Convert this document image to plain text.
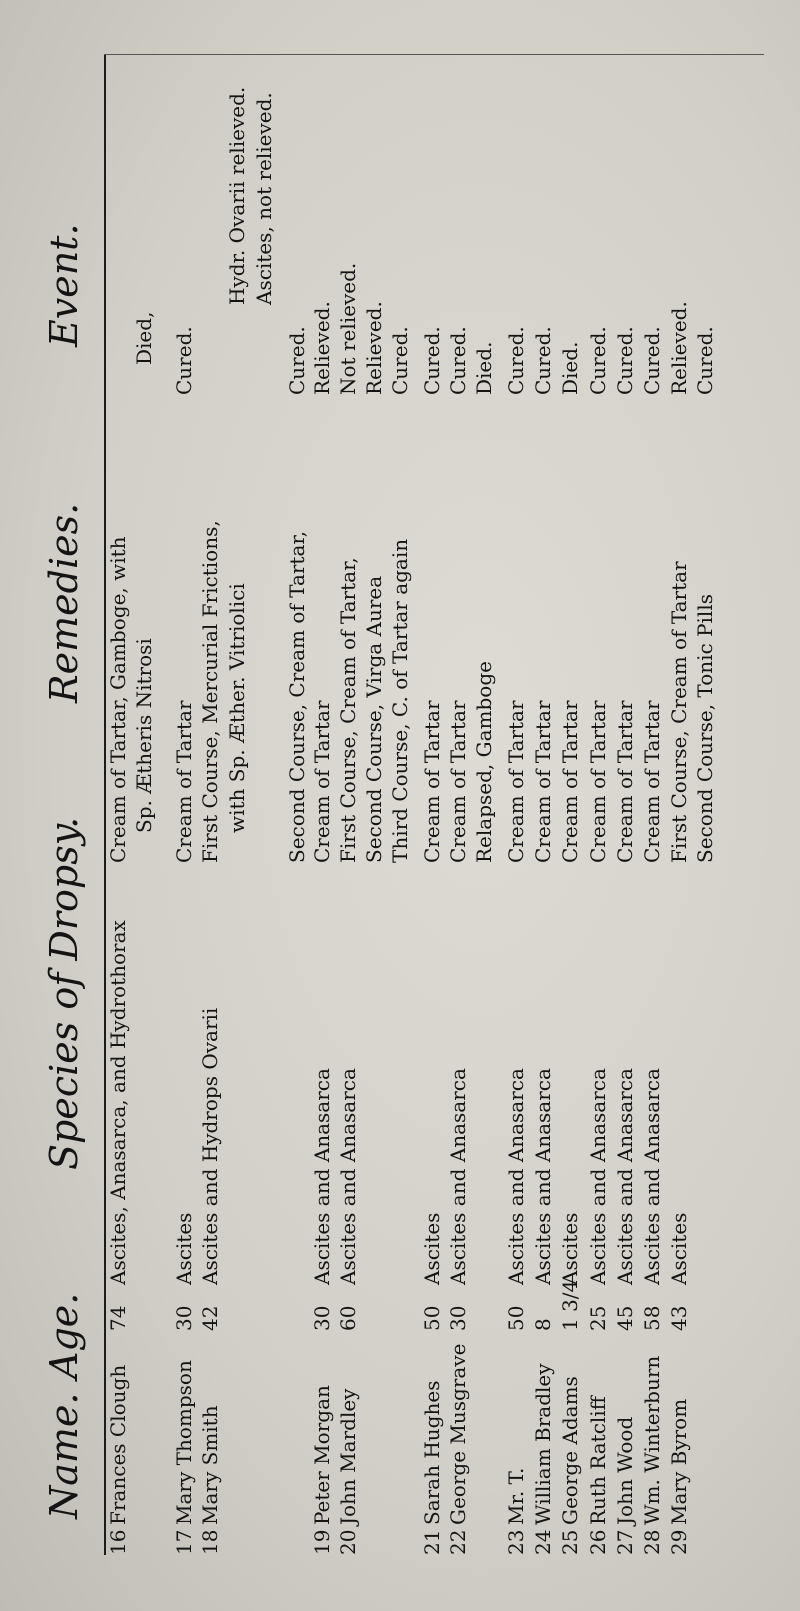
Name.
Age.
Species of Dropsy.
Remedies.
Event.
16
Frances Clough
74
Ascites, Anasarca, and Hydrothorax
Cream of Tartar, Gamboge, with Sp. Ætheris Nitrosi
Died,
17
Mary Thompson
30
Ascites
Cream of Tartar
Cured.
18
Mary Smith
42
Ascites and Hydrops Ovarii
First Course, Mercurial Frictions, with Sp. Æther. Vitriolici
Hydr. Ovarii relieved. Ascites, not relieved.
Second Course, Cream of Tartar,
Cured.
19
Peter Morgan
30
Ascites and Anasarca
Cream of Tartar
Relieved.
20
John Mardley
60
Ascites and Anasarca
First Course, Cream of Tartar,
Not relieved.
Second Course, Virga Aurea
Relieved.
Third Course, C. of Tartar again
Cured.
21
Sarah Hughes
50
Ascites
Cream of Tartar
Cured.
22
George Musgrave
30
Ascites and Anasarca
Cream of Tartar
Cured.
Relapsed, Gamboge
Died.
23
Mr. T.
50
Ascites and Anasarca
Cream of Tartar
Cured.
24
William Bradley
8
Ascites and Anasarca
Cream of Tartar
Cured.
25
George Adams
1 3/4
Ascites
Cream of Tartar
Died.
26
Ruth Ratcliff
25
Ascites and Anasarca
Cream of Tartar
Cured.
27
John Wood
45
Ascites and Anasarca
Cream of Tartar
Cured.
28
Wm. Winterburn
58
Ascites and Anasarca
Cream of Tartar
Cured.
29
Mary Byrom
43
Ascites
First Course, Cream of Tartar
Relieved.
Second Course, Tonic Pills
Cured.
